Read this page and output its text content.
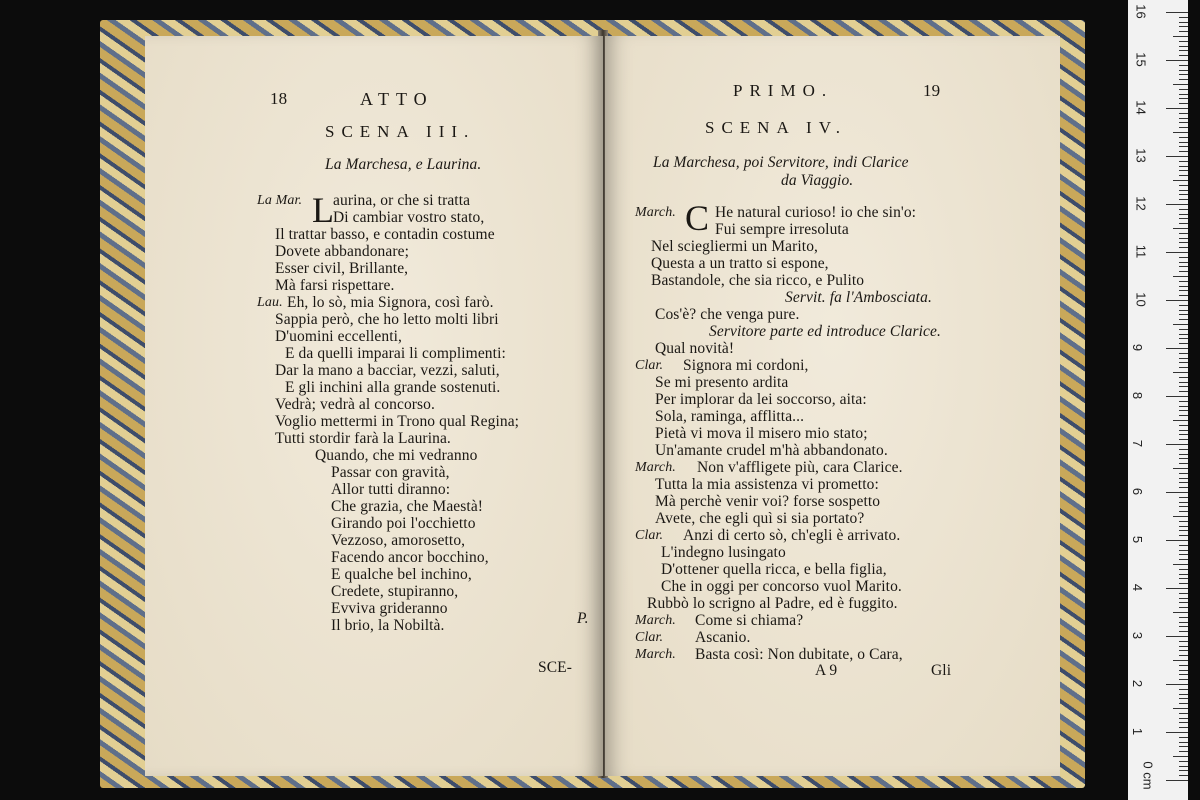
18	ATTO
SCENA III.
La Marchesa, e Laurina.
L
La Mar. aurina, or che si tratta
Di cambiar vostro stato,
Il trattar basso, e contadin costume
Dovete abbandonare;
Esser civil, Brillante,
Mà farsi rispettare.
Lau. Eh, lo sò, mia Signora, così farò.
Sappia però, che ho letto molti libri
D'uomini eccellenti,
E da quelli imparai li complimenti:
Dar la mano a bacciar, vezzi, saluti,
E gli inchini alla grande sostenuti.
Vedrà; vedrà al concorso.
Voglio mettermi in Trono qual Regina;
Tutti stordir farà la Laurina.
Quando, che mi vedranno
Passar con gravità,
Allor tutti diranno:
Che grazia, che Maestà!
Girando poi l'occhietto
Vezzoso, amorosetto,
Facendo ancor bocchino,
E qualche bel inchino,
Credete, stupiranno,
Evviva grideranno
Il brio, la Nobiltà.	P.
SCE-
PRIMO.	19
SCENA IV.
La Marchesa, poi Servitore, indi Clarice
da Viaggio.
C
March.	He natural curioso! io che sin'o:
Fui sempre irresoluta
Nel sciegliermi un Marito,
Questa a un tratto si espone,
Bastandole, che sia ricco, e Pulito
Servit. fa l'Ambosciata.
Cos'è? che venga pure.
Servitore parte ed introduce Clarice.
Qual novità!
Clar. Signora mi cordoni,
Se mi presento ardita
Per implorar da lei soccorso, aita:
Sola, raminga, afflitta...
Pietà vi mova il misero mio stato;
Un'amante crudel m'hà abbandonato.
March. Non v'affligete più, cara Clarice.
Tutta la mia assistenza vi prometto:
Mà perchè venir voi? forse sospetto
Avete, che egli quì si sia portato?
Clar. Anzi di certo sò, ch'egli è arrivato.
L'indegno lusingato
D'ottener quella ricca, e bella figlia,
Che in oggi per concorso vuol Marito.
Rubbò lo scrigno al Padre, ed è fuggito.
March. Come si chiama?
Clar. Ascanio.
March. Basta così: Non dubitate, o Cara,
A 9	Gli
0 cm
1
2
3
4
5
6
7
8
9
10
11
12
13
14
15
16
